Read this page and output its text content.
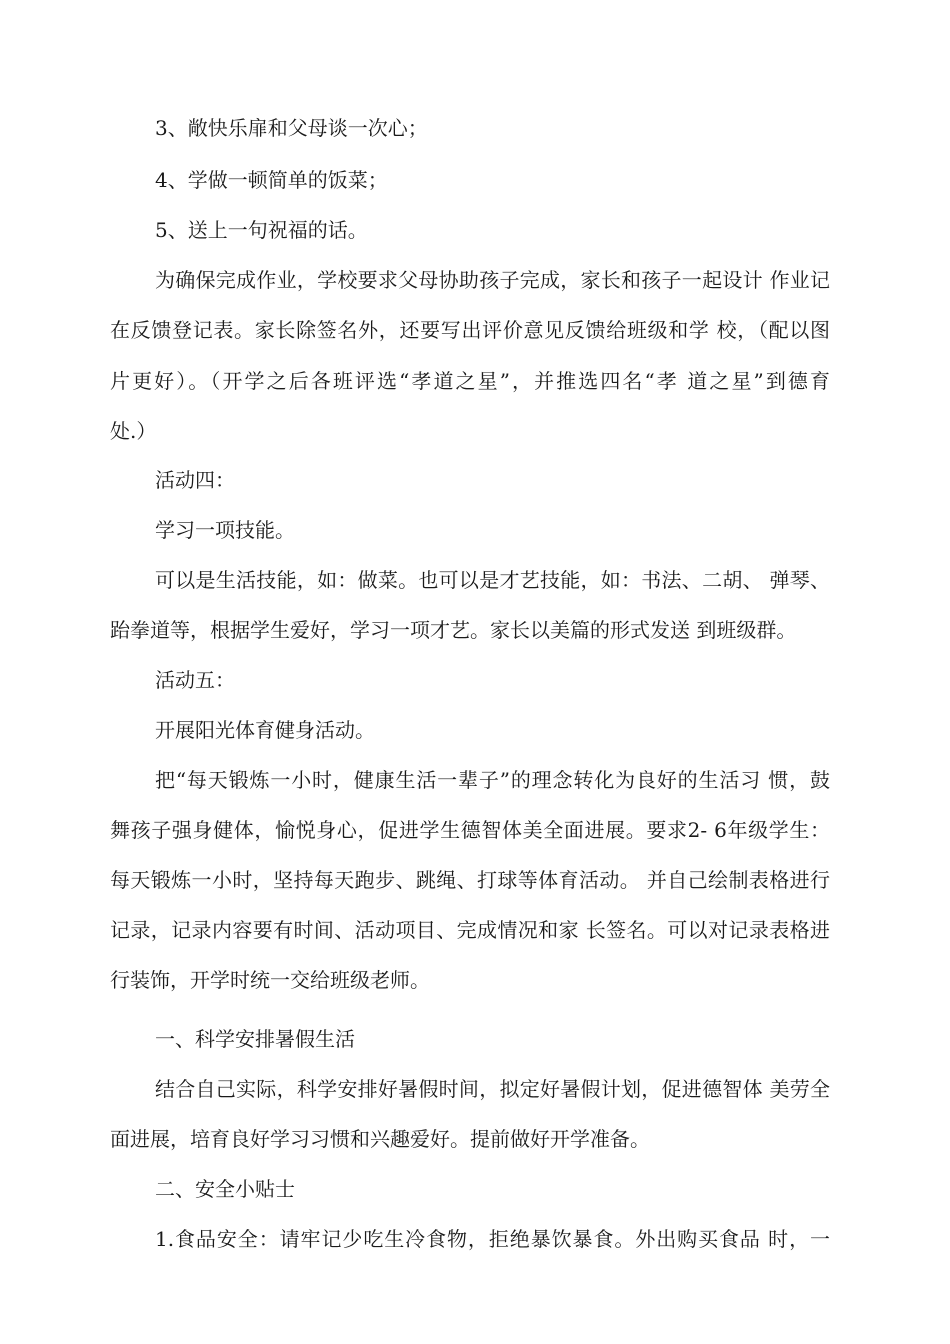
3、敞快乐扉和父母谈一次心；
4、学做一顿简单的饭菜；
5、送上一句祝福的话。
为确保完成作业，学校要求父母协助孩子完成，家长和孩子一起设计 作业记
在反馈登记表。家长除签名外，还要写出评价意见反馈给班级和学 校，（配以图
片更好）。（开学之后各班评选“孝道之星”，并推选四名“孝 道之星”到德育
处.）
活动四：
学习一项技能。
可以是生活技能，如：做菜。也可以是才艺技能，如：书法、二胡、 弹琴、
跆拳道等，根据学生爱好，学习一项才艺。家长以美篇的形式发送 到班级群。
活动五：
开展阳光体育健身活动。
把“每天锻炼一小时，健康生活一辈子”的理念转化为良好的生活习 惯，鼓
舞孩子强身健体，愉悦身心，促进学生德智体美全面进展。要求2- 6年级学生：
每天锻炼一小时，坚持每天跑步、跳绳、打球等体育活动。 并自己绘制表格进行
记录，记录内容要有时间、活动项目、完成情况和家 长签名。可以对记录表格进
行装饰，开学时统一交给班级老师。
一、科学安排暑假生活
结合自己实际，科学安排好暑假时间，拟定好暑假计划，促进德智体 美劳全
面进展，培育良好学习习惯和兴趣爱好。提前做好开学准备。
二、安全小贴士
1.食品安全：请牢记少吃生冷食物，拒绝暴饮暴食。外出购买食品 时，一
